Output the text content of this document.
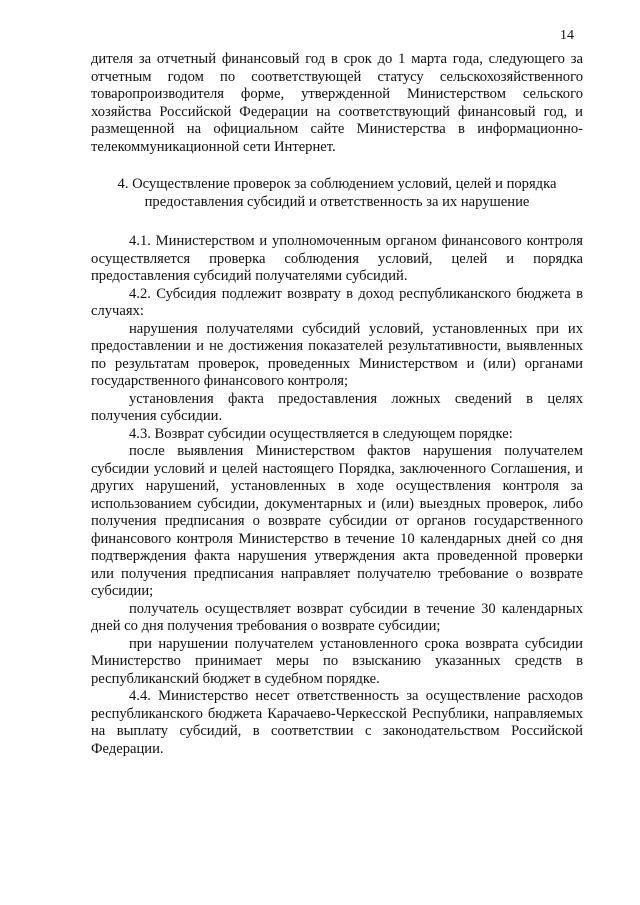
14

дителя за отчетный финансовый год в срок до 1 марта года, следующего за отчетным годом по соответствующей статусу сельскохозяйственного товаропроизводителя форме, утвержденной Министерством сельского хозяйства Российской Федерации на соответствующий финансовый год, и размещенной на официальном сайте Министерства в информационно-телекоммуникационной сети Интернет.

4. Осуществление проверок за соблюдением условий, целей и порядка
предоставления субсидий и ответственность за их нарушение

4.1. Министерством и уполномоченным органом финансового контроля осуществляется проверка соблюдения условий, целей и порядка предоставления субсидий получателями субсидий.

4.2. Субсидия подлежит возврату в доход республиканского бюджета в случаях:

нарушения получателями субсидий условий, установленных при их предоставлении и не достижения показателей результативности, выявленных по результатам проверок, проведенных Министерством и (или) органами государственного финансового контроля;

установления факта предоставления ложных сведений в целях получения субсидии.

4.3. Возврат субсидии осуществляется в следующем порядке:

после выявления Министерством фактов нарушения получателем субсидии условий и целей настоящего Порядка, заключенного Соглашения, и других нарушений, установленных в ходе осуществления контроля за использованием субсидии, документарных и (или) выездных проверок, либо получения предписания о возврате субсидии от органов государственного финансового контроля Министерство в течение 10 календарных дней со дня подтверждения факта нарушения утверждения акта проведенной проверки или получения предписания направляет получателю требование о возврате субсидии;

получатель осуществляет возврат субсидии в течение 30 календарных дней со дня получения требования о возврате субсидии;

при нарушении получателем установленного срока возврата субсидии Министерство принимает меры по взысканию указанных средств в республиканский бюджет в судебном порядке.

4.4. Министерство несет ответственность за осуществление расходов республиканского бюджета Карачаево-Черкесской Республики, направляемых на выплату субсидий, в соответствии с законодательством Российской Федерации.
